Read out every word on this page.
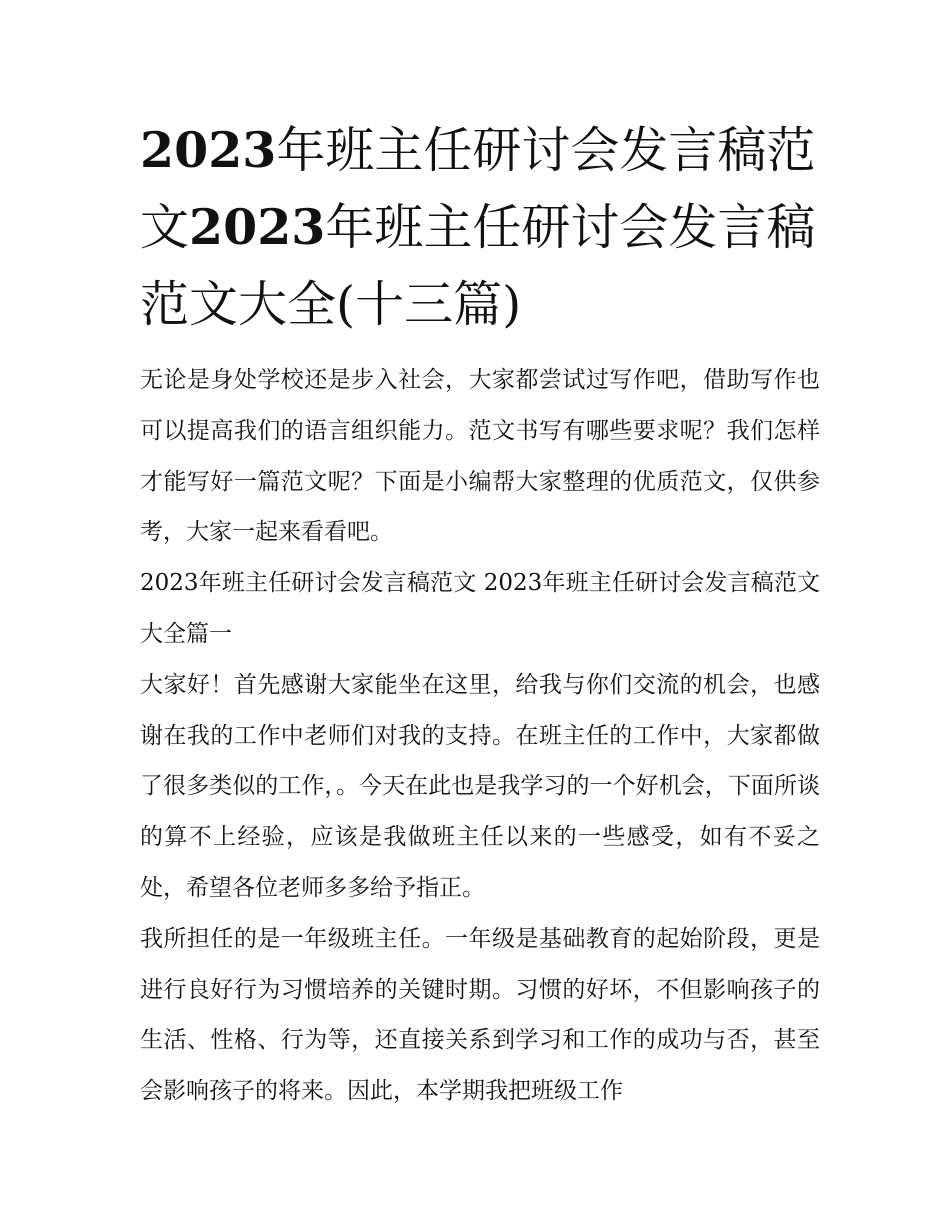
2023年班主任研讨会发言稿范文2023年班主任研讨会发言稿范文大全(十三篇)

无论是身处学校还是步入社会，大家都尝试过写作吧，借助写作也可以提高我们的语言组织能力。范文书写有哪些要求呢？我们怎样才能写好一篇范文呢？下面是小编帮大家整理的优质范文，仅供参考，大家一起来看看吧。

2023年班主任研讨会发言稿范文 2023年班主任研讨会发言稿范文大全篇一

大家好！首先感谢大家能坐在这里，给我与你们交流的机会，也感谢在我的工作中老师们对我的支持。在班主任的工作中，大家都做了很多类似的工作，。今天在此也是我学习的一个好机会，下面所谈的算不上经验，应该是我做班主任以来的一些感受，如有不妥之处，希望各位老师多多给予指正。

我所担任的是一年级班主任。一年级是基础教育的起始阶段，更是进行良好行为习惯培养的关键时期。习惯的好坏，不但影响孩子的生活、性格、行为等，还直接关系到学习和工作的成功与否，甚至会影响孩子的将来。因此，本学期我把班级工作
